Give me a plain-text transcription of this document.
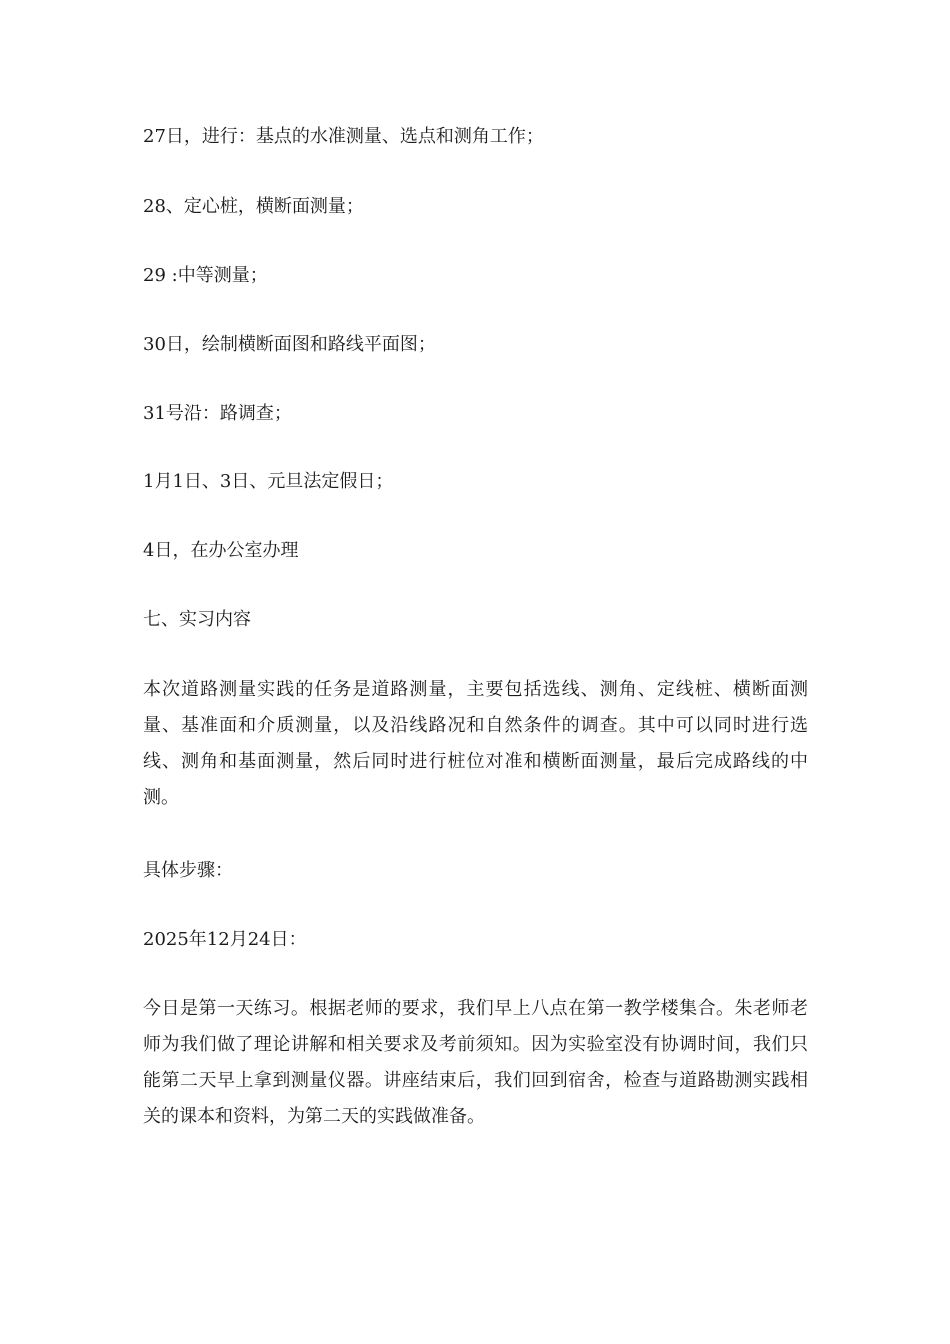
27日，进行：基点的水准测量、选点和测角工作；

28、定心桩，横断面测量；

29 :中等测量；

30日，绘制横断面图和路线平面图；

31号沿：路调查；

1月1日、3日、元旦法定假日；

4日，在办公室办理

七、实习内容

本次道路测量实践的任务是道路测量，主要包括选线、测角、定线桩、横断面测量、基准面和介质测量，以及沿线路况和自然条件的调查。其中可以同时进行选线、测角和基面测量，然后同时进行桩位对准和横断面测量，最后完成路线的中测。

具体步骤：

2025年12月24日：

今日是第一天练习。根据老师的要求，我们早上八点在第一教学楼集合。朱老师老师为我们做了理论讲解和相关要求及考前须知。因为实验室没有协调时间，我们只能第二天早上拿到测量仪器。讲座结束后，我们回到宿舍，检查与道路勘测实践相关的课本和资料，为第二天的实践做准备。
